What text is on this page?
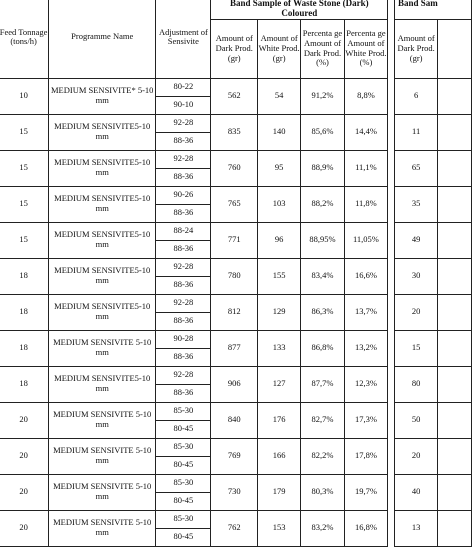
Feed Tonnage (tons/h)	Programme Name	Adjustment of Sensivite	Band Sample of Waste Stone (Dark) Coloured					Band Sam	
			Amount of Dark Prod. (gr)	Amount of White Prod. (gr)	Percenta ge Amount of Dark Prod. (%)	Percenta ge Amount of White Prod. (%)		Amount of Dark Prod. (gr)	
10	MEDIUM SENSIVITE* 5-10 mm	80-22	562	54	91,2%	8,8%		6	
		90-10							
15	MEDIUM SENSIVITE5-10 mm	92-28	835	140	85,6%	14,4%		11	
		88-36							
15	MEDIUM SENSIVITE5-10 mm	92-28	760	95	88,9%	11,1%		65	
		88-36							
15	MEDIUM SENSIVITE5-10 mm	90-26	765	103	88,2%	11,8%		35	
		88-36							
15	MEDIUM SENSIVITE5-10 mm	88-24	771	96	88,95%	11,05%		49	
		88-36							
18	MEDIUM SENSIVITE5-10 mm	92-28	780	155	83,4%	16,6%		30	
		88-36							
18	MEDIUM SENSIVITE5-10 mm	92-28	812	129	86,3%	13,7%		20	
		88-36							
18	MEDIUM SENSIVITE 5-10 mm	90-28	877	133	86,8%	13,2%		15	
		88-36							
18	MEDIUM SENSIVITE5-10 mm	92-28	906	127	87,7%	12,3%		80	
		88-36							
20	MEDIUM SENSIVITE 5-10 mm	85-30	840	176	82,7%	17,3%		50	
		80-45							
20	MEDIUM SENSIVITE 5-10 mm	85-30	769	166	82,2%	17,8%		20	
		80-45							
20	MEDIUM SENSIVITE 5-10 mm	85-30	730	179	80,3%	19,7%		40	
		80-45							
20	MEDIUM SENSIVITE 5-10 mm	85-30	762	153	83,2%	16,8%		13	
		80-45							
